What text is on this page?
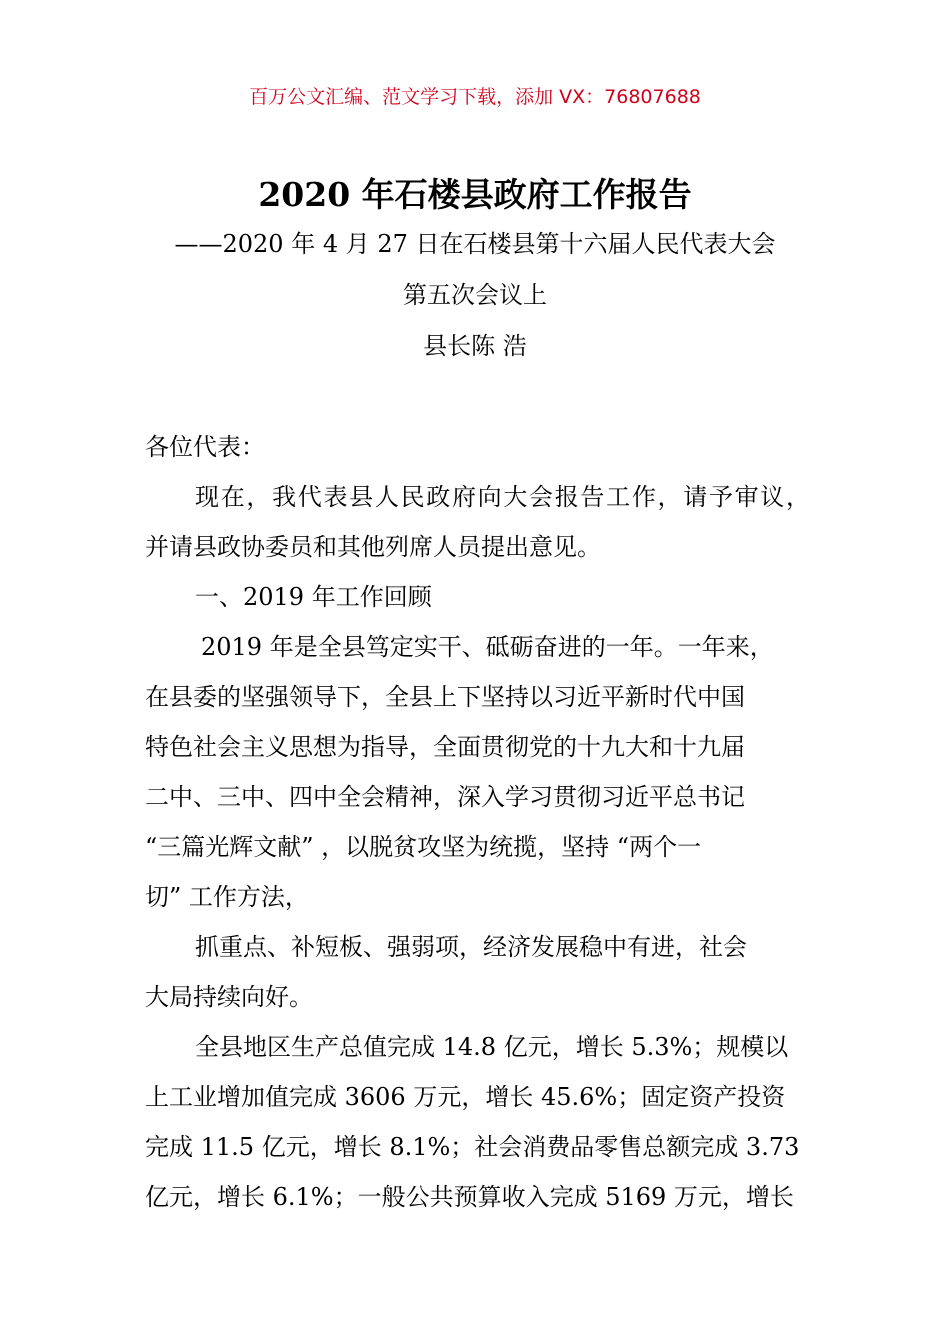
百万公文汇编、范文学习下载，添加 VX：76807688
2020 年石楼县政府工作报告
——2020 年 4 月 27 日在石楼县第十六届人民代表大会
第五次会议上
县长陈 浩
各位代表：
现在，我代表县人民政府向大会报告工作，请予审议，
并请县政协委员和其他列席人员提出意见。
一、2019 年工作回顾
2019 年是全县笃定实干、砥砺奋进的一年。一年来，
在县委的坚强领导下，全县上下坚持以习近平新时代中国
特色社会主义思想为指导，全面贯彻党的十九大和十九届
二中、三中、四中全会精神，深入学习贯彻习近平总书记
“三篇光辉文献” ，以脱贫攻坚为统揽，坚持 “两个一
切” 工作方法，
抓重点、补短板、强弱项，经济发展稳中有进，社会
大局持续向好。
全县地区生产总值完成 14.8 亿元，增长 5.3%；规模以
上工业增加值完成 3606 万元，增长 45.6%；固定资产投资
完成 11.5 亿元，增长 8.1%；社会消费品零售总额完成 3.73
亿元，增长 6.1%；一般公共预算收入完成 5169 万元，增长
